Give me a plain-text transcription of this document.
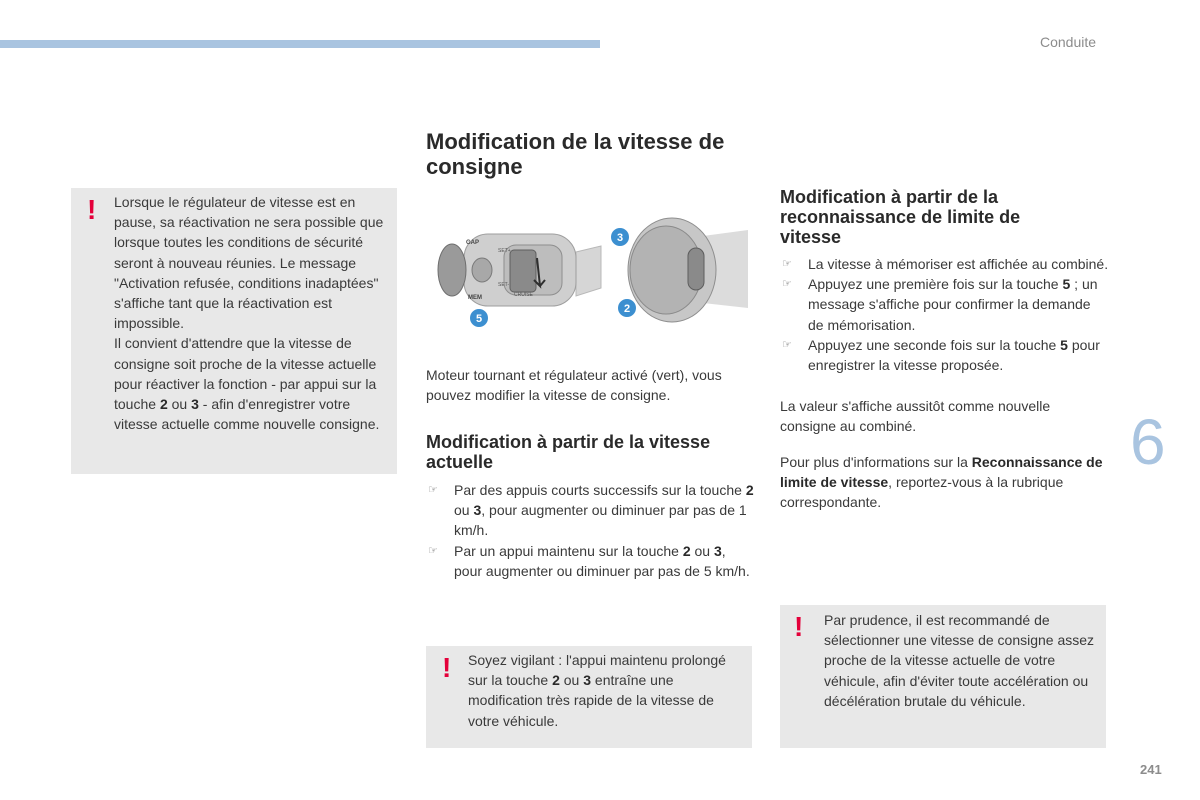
Conduite
6
241
! Lorsque le régulateur de vitesse est en pause, sa réactivation ne sera possible que lorsque toutes les conditions de sécurité seront à nouveau réunies. Le message "Activation refusée, conditions inadaptées" s'affiche tant que la réactivation est impossible.

Il convient d'attendre que la vitesse de consigne soit proche de la vitesse actuelle pour réactiver la fonction - par appui sur la touche 2 ou 3 - afin d'enregistrer votre vitesse actuelle comme nouvelle consigne.

Modification de la vitesse de consigne
GAP
SET+
SET-
MEM	CRUISE
3
2
5

Moteur tournant et régulateur activé (vert), vous pouvez modifier la vitesse de consigne.

Modification à partir de la vitesse actuelle
☞ Par des appuis courts successifs sur la touche 2 ou 3, pour augmenter ou diminuer par pas de 1 km/h.
☞ Par un appui maintenu sur la touche 2 ou 3, pour augmenter ou diminuer par pas de 5 km/h.
! Soyez vigilant : l'appui maintenu prolongé sur la touche 2 ou 3 entraîne une modification très rapide de la vitesse de votre véhicule.
Modification à partir de la reconnaissance de limite de vitesse
☞ La vitesse à mémoriser est affichée au combiné.
☞ Appuyez une première fois sur la touche 5 ; un message s'affiche pour confirmer la demande de mémorisation.
☞ Appuyez une seconde fois sur la touche 5 pour enregistrer la vitesse proposée.

La valeur s'affiche aussitôt comme nouvelle consigne au combiné.

Pour plus d'informations sur la Reconnaissance de limite de vitesse, reportez-vous à la rubrique correspondante.

! Par prudence, il est recommandé de sélectionner une vitesse de consigne assez proche de la vitesse actuelle de votre véhicule, afin d'éviter toute accélération ou décélération brutale du véhicule.
